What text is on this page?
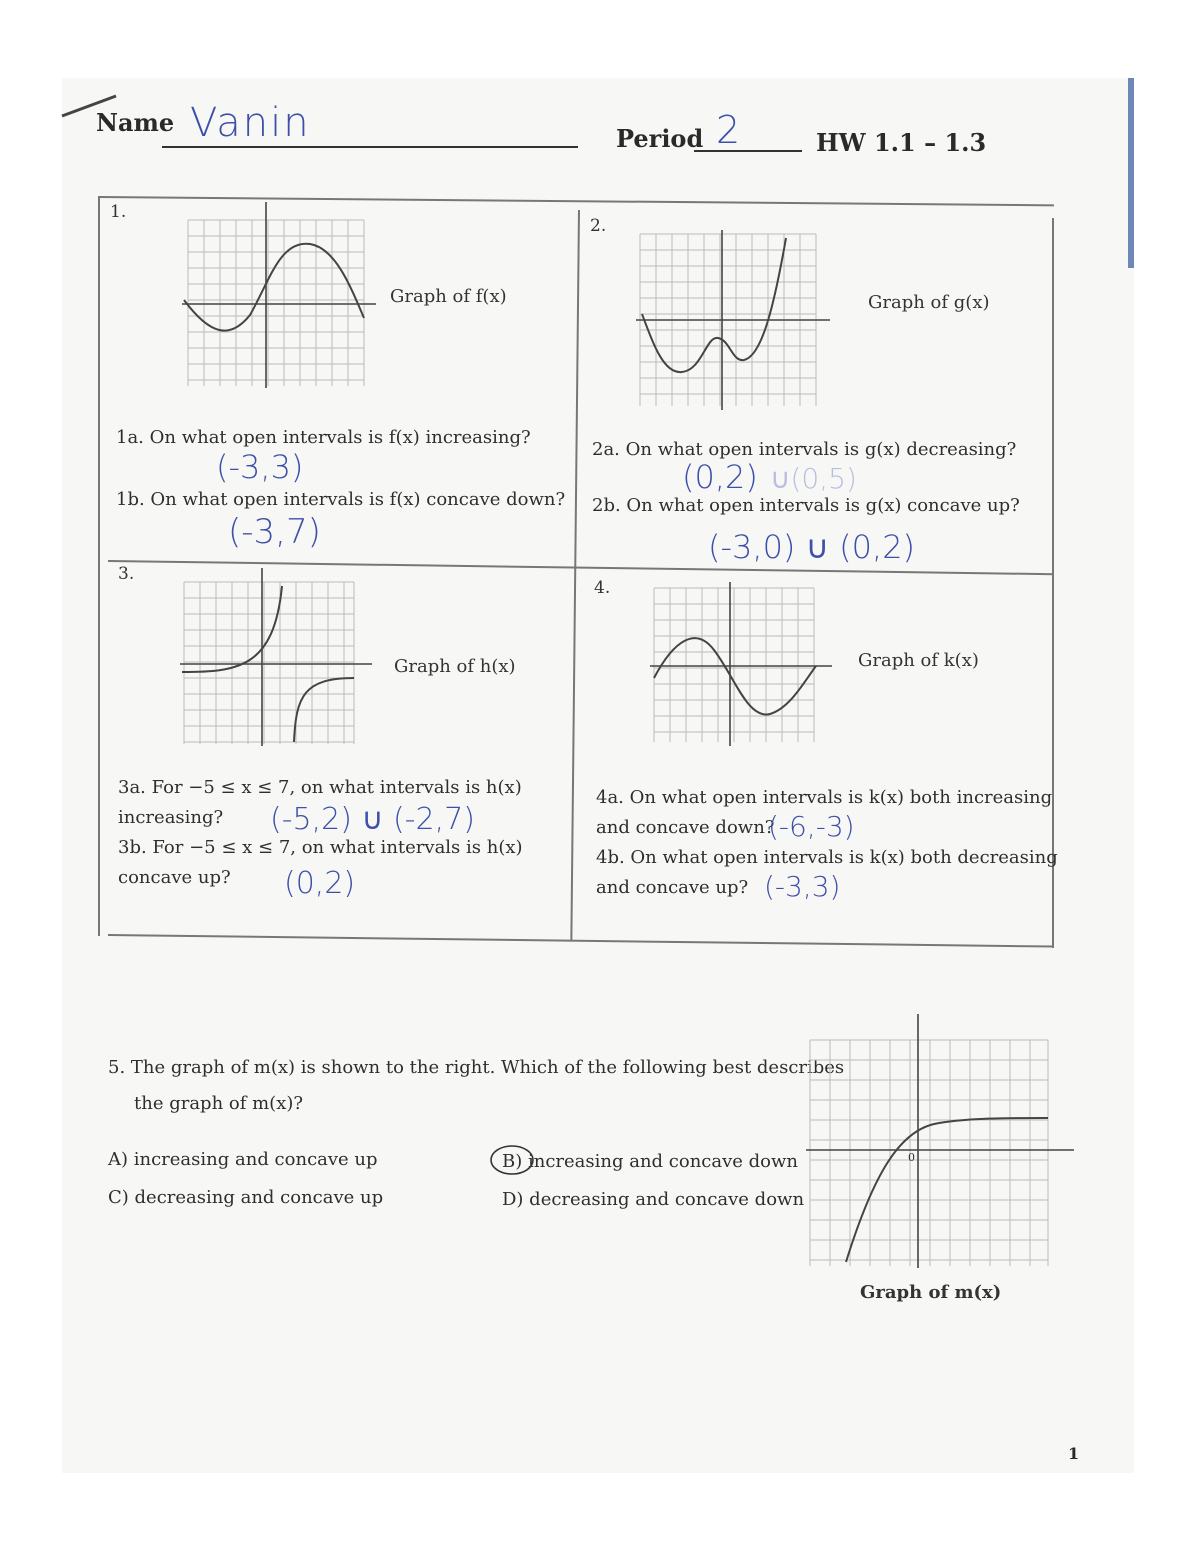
Name Vanin	Period 2	HW 1.1 – 1.3
1.
Graph of f(x)
1a. On what open intervals is f(x) increasing?
(-3,3)
1b. On what open intervals is f(x) concave down?
(-3,7)
2.
Graph of g(x)
2a. On what open intervals is g(x) decreasing?
(0,2) ∪(0,5)
2b. On what open intervals is g(x) concave up?
(-3,0) ∪ (0,2)
3.
Graph of h(x)
3a. For −5 ≤ x ≤ 7, on what intervals is h(x)
increasing? (-5,2) ∪ (-2,7)
3b. For −5 ≤ x ≤ 7, on what intervals is h(x)
concave up? (0,2)
4.
Graph of k(x)
4a. On what open intervals is k(x) both increasing
and concave down?
(-6,-3)
4b. On what open intervals is k(x) both decreasing
and concave up? (-3,3)
5. The graph of m(x) is shown to the right. Which of the following best describes
the graph of m(x)?
A) increasing and concave up	B) increasing and concave down
C) decreasing and concave up	D) decreasing and concave down
0
Graph of m(x)
1
